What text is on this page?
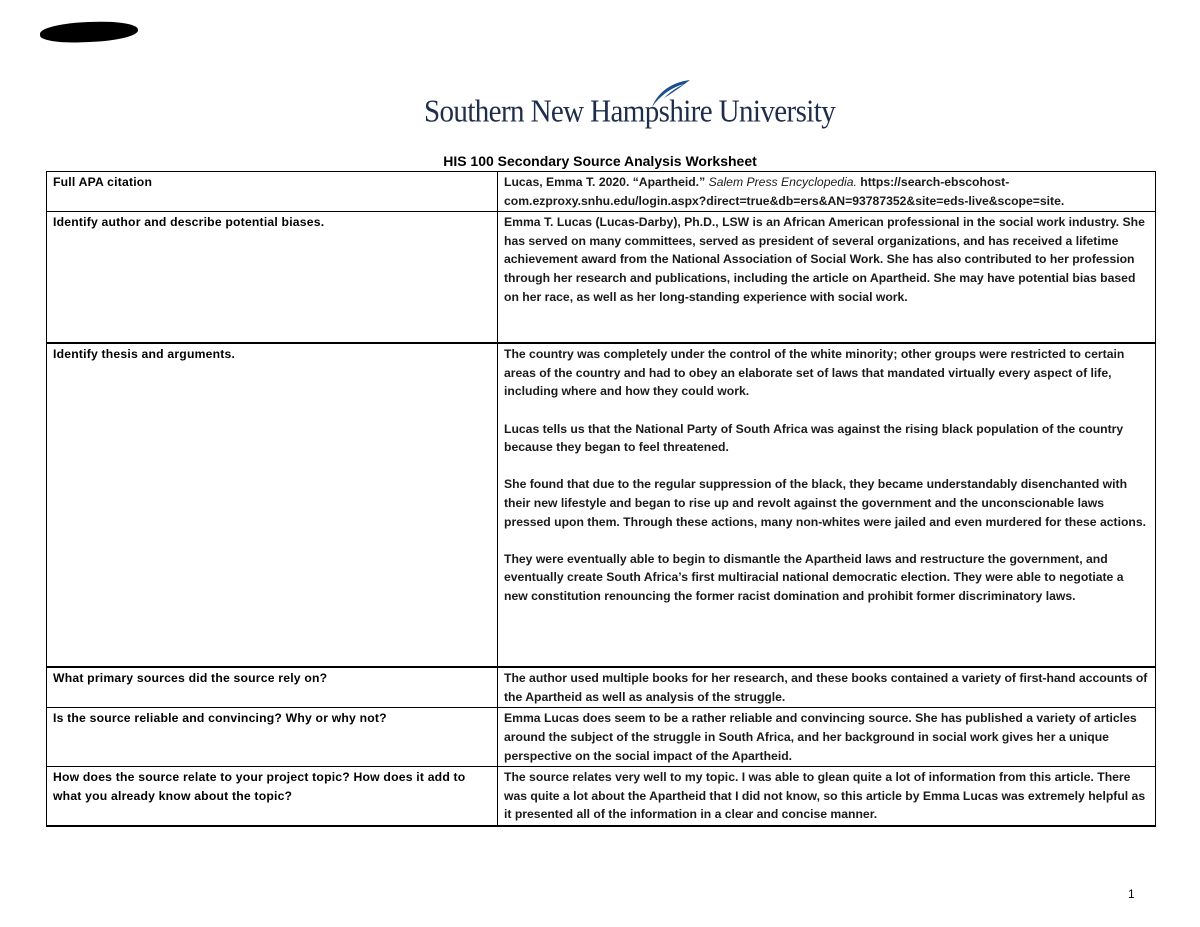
Southern New Hampshire University
HIS 100 Secondary Source Analysis Worksheet
Full APA citation	Lucas, Emma T. 2020. “Apartheid.” Salem Press Encyclopedia. https://search-ebscohost-com.ezproxy.snhu.edu/login.aspx?direct=true&db=ers&AN=93787352&site=eds-live&scope=site.
Identify author and describe potential biases.	Emma T. Lucas (Lucas-Darby), Ph.D., LSW is an African American professional in the social work industry. She has served on many committees, served as president of several organizations, and has received a lifetime achievement award from the National Association of Social Work. She has also contributed to her profession through her research and publications, including the article on Apartheid. She may have potential bias based on her race, as well as her long-standing experience with social work.

Identify thesis and arguments.	The country was completely under the control of the white minority; other groups were restricted to certain areas of the country and had to obey an elaborate set of laws that mandated virtually every aspect of life, including where and how they could work.

Lucas tells us that the National Party of South Africa was against the rising black population of the country because they began to feel threatened.

She found that due to the regular suppression of the black, they became understandably disenchanted with their new lifestyle and began to rise up and revolt against the government and the unconscionable laws pressed upon them. Through these actions, many non-whites were jailed and even murdered for these actions.

They were eventually able to begin to dismantle the Apartheid laws and restructure the government, and eventually create South Africa’s first multiracial national democratic election. They were able to negotiate a new constitution renouncing the former racist domination and prohibit former discriminatory laws.

What primary sources did the source rely on?	The author used multiple books for her research, and these books contained a variety of first-hand accounts of the Apartheid as well as analysis of the struggle.

Is the source reliable and convincing? Why or why not?	Emma Lucas does seem to be a rather reliable and convincing source. She has published a variety of articles around the subject of the struggle in South Africa, and her background in social work gives her a unique perspective on the social impact of the Apartheid.

How does the source relate to your project topic? How does it add to what you already know about the topic?	The source relates very well to my topic. I was able to glean quite a lot of information from this article. There was quite a lot about the Apartheid that I did not know, so this article by Emma Lucas was extremely helpful as it presented all of the information in a clear and concise manner.

1
